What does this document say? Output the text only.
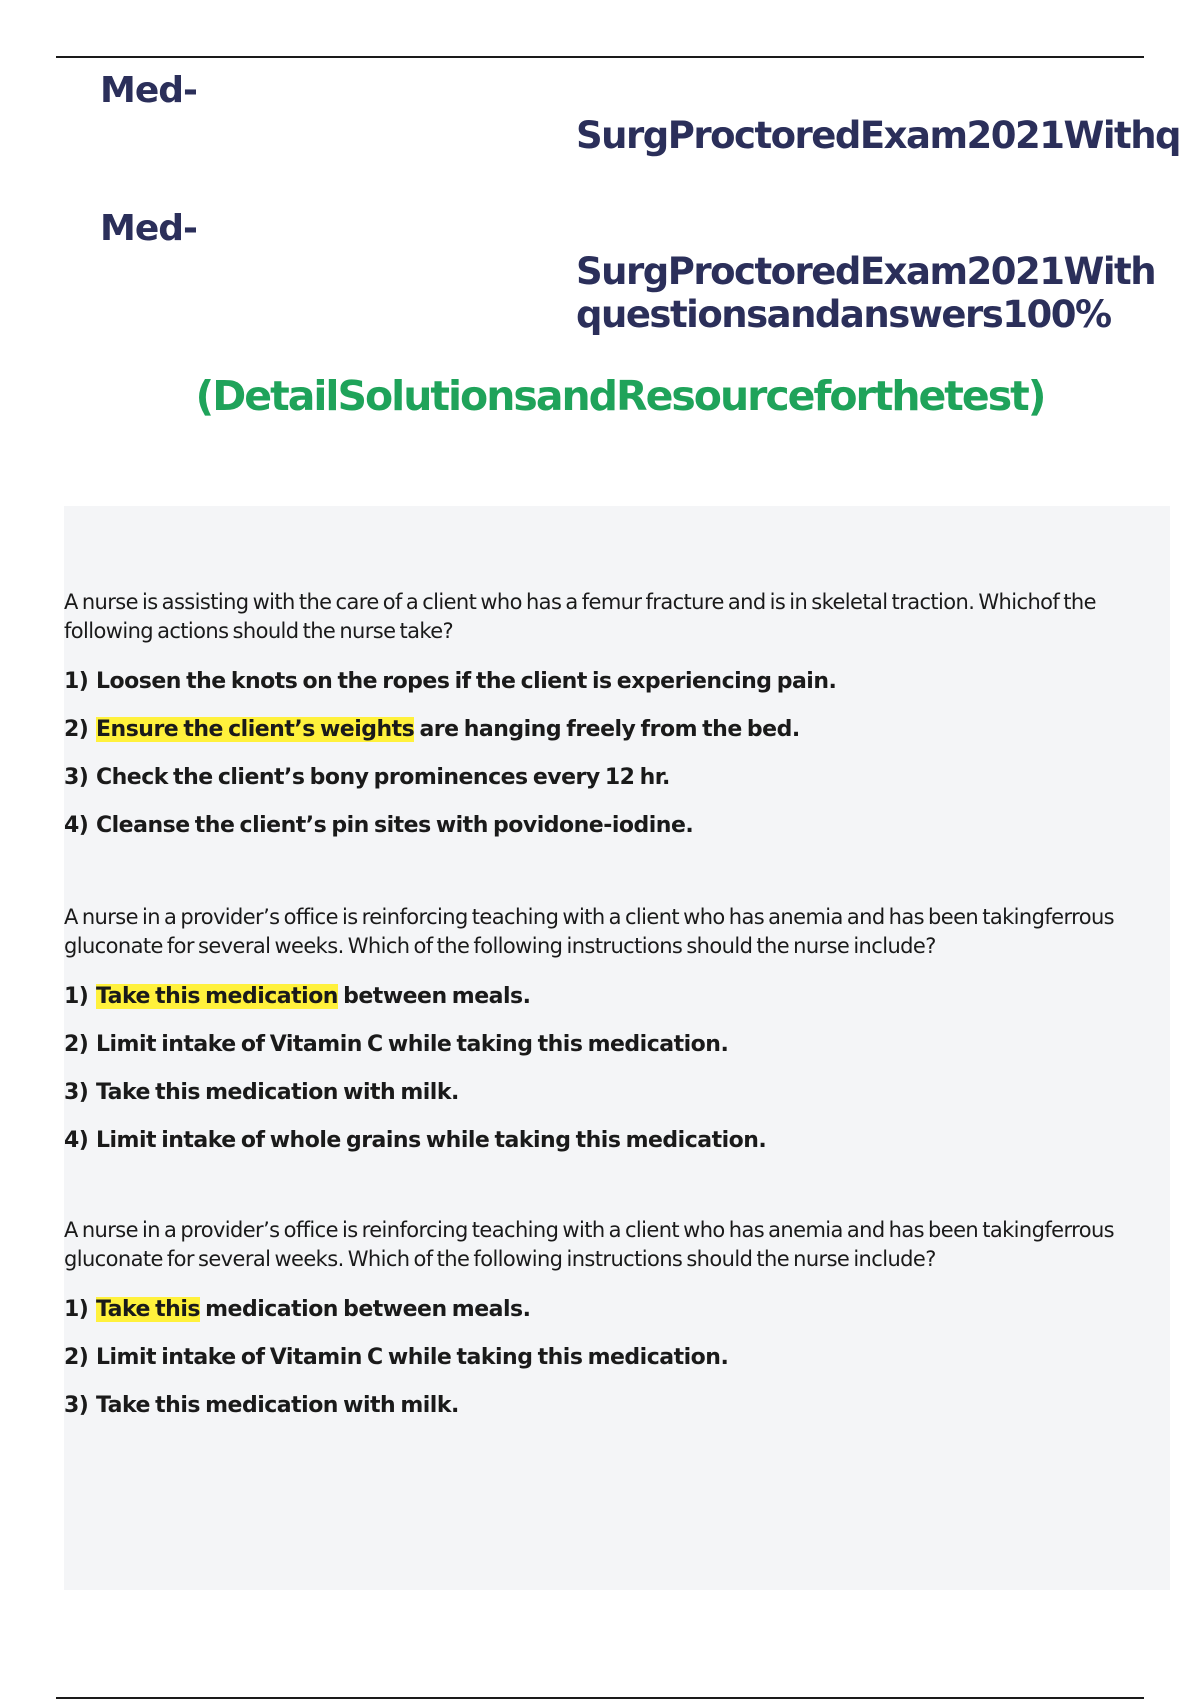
Med-
SurgProctoredExam2021Withq
Med-
SurgProctoredExam2021Withquestionsandanswers100%
(DetailSolutionsandResourceforthetest)
A nurse is assisting with the care of a client who has a femur fracture and is in skeletal traction. Whichof the following actions should the nurse take?
1) Loosen the knots on the ropes if the client is experiencing pain.
2) Ensure the client’s weights are hanging freely from the bed.
3) Check the client’s bony prominences every 12 hr.
4) Cleanse the client’s pin sites with povidone-iodine.
A nurse in a provider’s office is reinforcing teaching with a client who has anemia and has been takingferrous gluconate for several weeks. Which of the following instructions should the nurse include?
1) Take this medication between meals.
2) Limit intake of Vitamin C while taking this medication.
3) Take this medication with milk.
4) Limit intake of whole grains while taking this medication.
A nurse in a provider’s office is reinforcing teaching with a client who has anemia and has been takingferrous gluconate for several weeks. Which of the following instructions should the nurse include?
1) Take this medication between meals.
2) Limit intake of Vitamin C while taking this medication.
3) Take this medication with milk.
